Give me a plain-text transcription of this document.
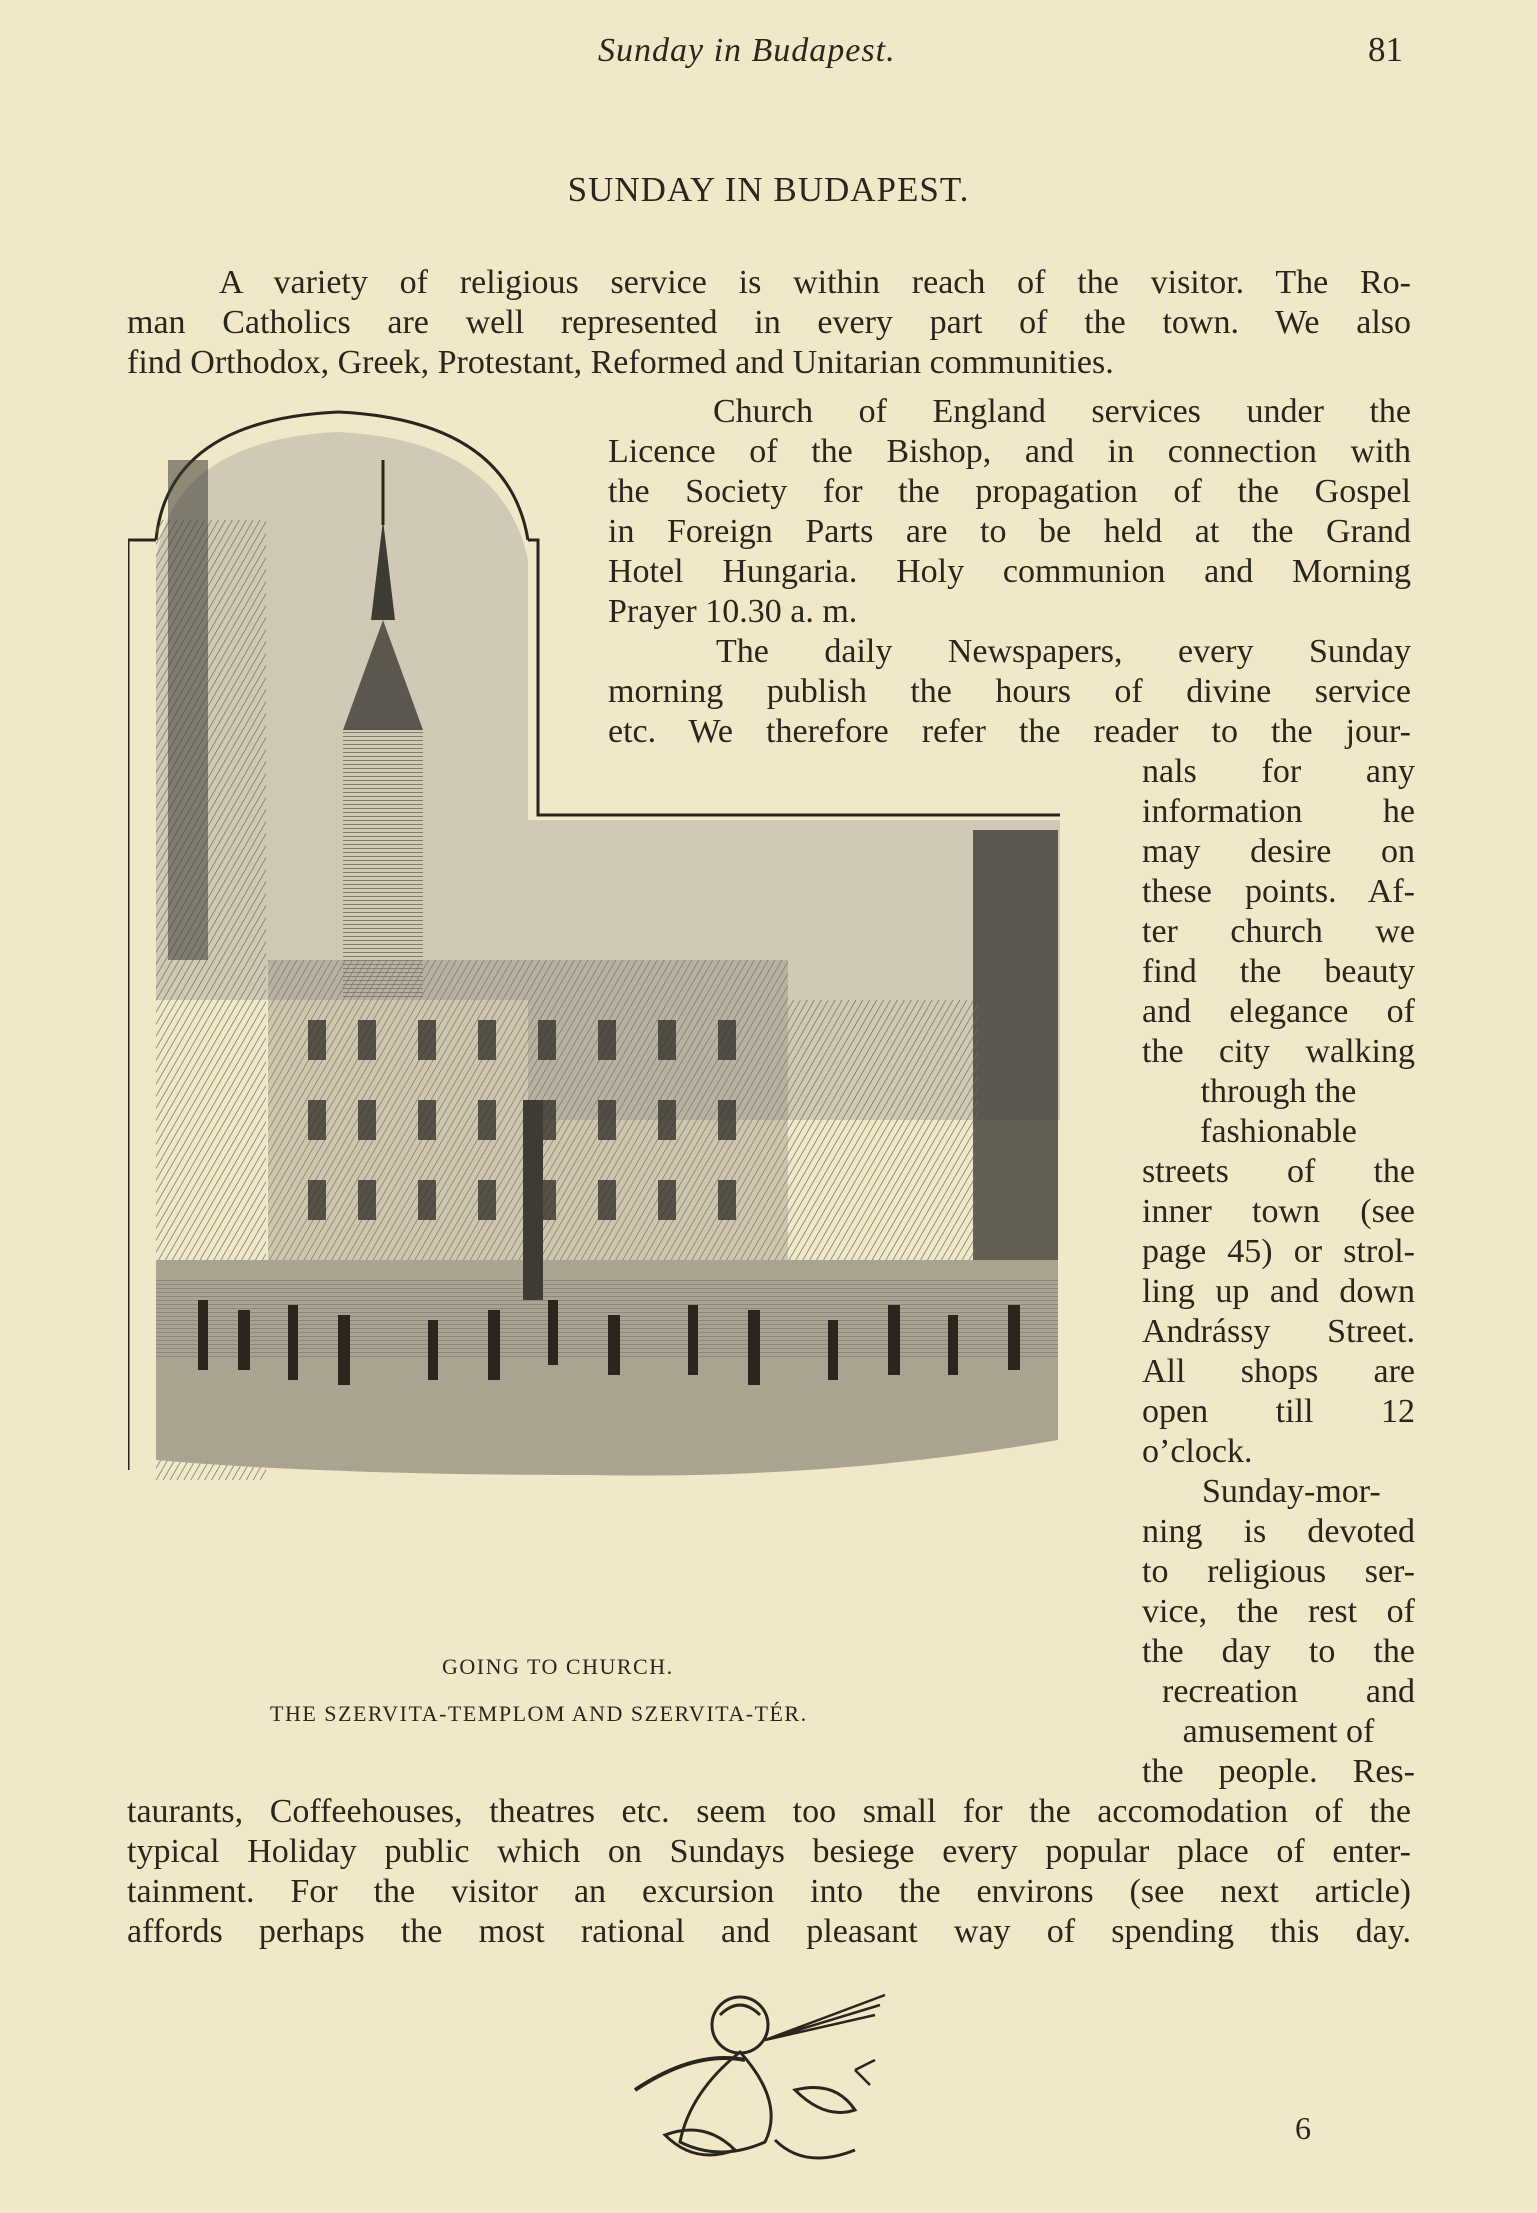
Sunday in Budapest.	81
SUNDAY IN BUDAPEST.
A variety of religious service is within reach of the visitor. The Ro-
man Catholics are well represented in every part of the town. We also
find Orthodox, Greek, Protestant, Reformed and Unitarian communities.
Church of England services under the
Licence of the Bishop, and in connection with
the Society for the propagation of the Gospel
in Foreign Parts are to be held at the Grand
Hotel Hungaria. Holy communion and Morning
Prayer 10.30 a. m.
The daily Newspapers, every Sunday
morning publish the hours of divine service
etc. We therefore refer the reader to the jour-
nals for any
information he
may desire on
these points. Af-
ter church we
find the beauty
and elegance of
the city walking
through the
fashionable
streets of the
inner town (see
page 45) or strol-
ling up and down
Andrássy Street.
All shops are
open till 12
o’clock.
Sunday-mor-
ning is devoted
to religious ser-
vice, the rest of
the day to the
recreation and
amusement of
the people. Res-
taurants, Coffeehouses, theatres etc. seem too small for the accomodation of the
typical Holiday public which on Sundays besiege every popular place of enter-
tainment. For the visitor an excursion into the environs (see next article)
affords perhaps the most rational and pleasant way of spending this day.
GOING TO CHURCH.
THE SZERVITA-TEMPLOM AND SZERVITA-TÉR.
6
